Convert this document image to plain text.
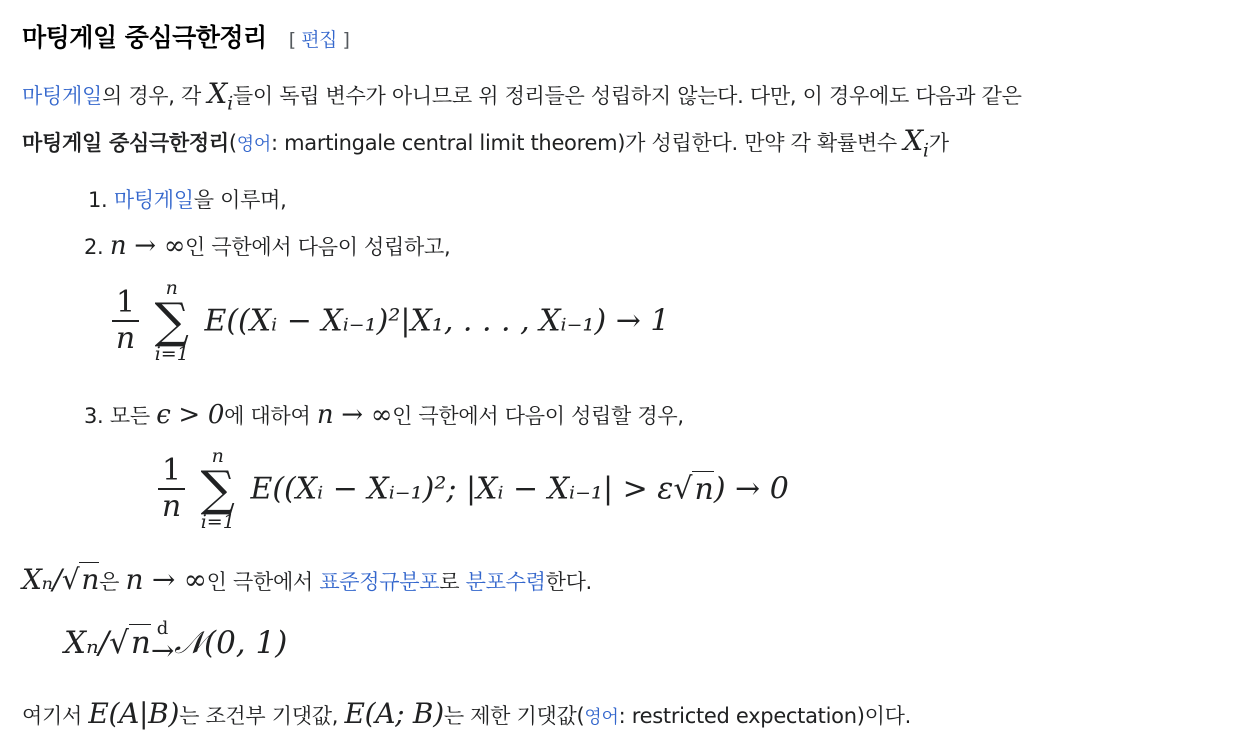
마팅게일 중심극한정리 [ 편집 ]
마팅게일의 경우, 각 $X_i$들이 독립 변수가 아니므로 위 정리들은 성립하지 않는다. 다만, 이 경우에도 다음과 같은
마팅게일 중심극한정리(영어: martingale central limit theorem)가 성립한다. 만약 각 확률변수 $X_i$가
1. 마팅게일을 이루며,
2. n → ∞인 극한에서 다음이 성립하고,
$\frac{1}{n}$
	n
∑
i=1
E((Xᵢ − Xᵢ₋₁)²|X₁, . . . , Xᵢ₋₁) → 1
3. 모든 ϵ > 0에 대하여 n → ∞인 극한에서 다음이 성립할 경우,
$\frac{1}{n}$
	n
∑
i=1
E((Xᵢ − Xᵢ₋₁)²; |Xᵢ − Xᵢ₋₁| > ε√n) → 0
Xₙ/√n은 n → ∞인 극한에서 표준정규분포로 분포수렴한다.
Xₙ/√n d
→ 𝒩(0, 1)
여기서 E(A|B)는 조건부 기댓값, E(A; B)는 제한 기댓값(영어: restricted expectation)이다.
